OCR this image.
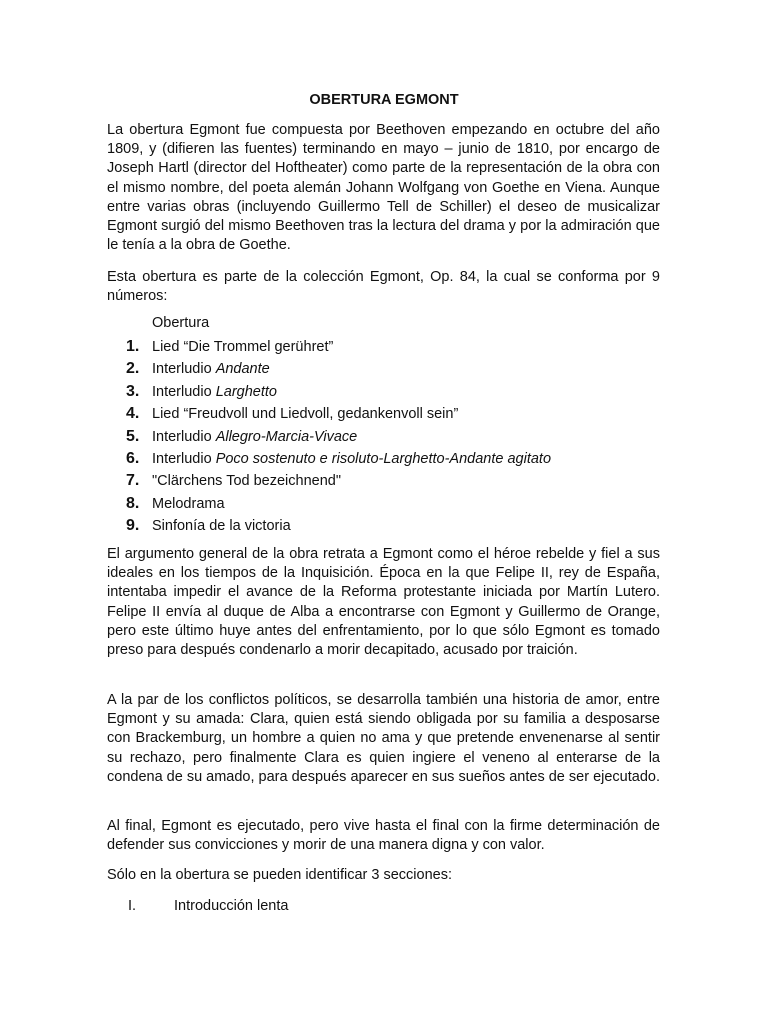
OBERTURA EGMONT

La obertura Egmont fue compuesta por Beethoven empezando en octubre del año 1809, y (difieren las fuentes) terminando en mayo – junio de 1810, por encargo de Joseph Hartl (director del Hoftheater) como parte de la representación de la obra con el mismo nombre, del poeta alemán Johann Wolfgang von Goethe en Viena. Aunque entre varias obras (incluyendo Guillermo Tell de Schiller) el deseo de musicalizar Egmont surgió del mismo Beethoven tras la lectura del drama y por la admiración que le tenía a la obra de Goethe.

Esta obertura es parte de la colección Egmont, Op. 84, la cual se conforma por 9 números:

Obertura
1. Lied “Die Trommel gerühret”
2. Interludio Andante
3. Interludio Larghetto
4. Lied “Freudvoll und Liedvoll, gedankenvoll sein”
5. Interludio Allegro-Marcia-Vivace
6. Interludio Poco sostenuto e risoluto-Larghetto-Andante agitato
7. "Clärchens Tod bezeichnend"
8. Melodrama
9.Sinfonía de la victoria

El argumento general de la obra retrata a Egmont como el héroe rebelde y fiel a sus ideales en los tiempos de la Inquisición. Época en la que Felipe II, rey de España, intentaba impedir el avance de la Reforma protestante iniciada por Martín Lutero. Felipe II envía al duque de Alba a encontrarse con Egmont y Guillermo de Orange, pero este último huye antes del enfrentamiento, por lo que sólo Egmont es tomado preso para después condenarlo a morir decapitado, acusado por traición.

A la par de los conflictos políticos, se desarrolla también una historia de amor, entre Egmont y su amada: Clara, quien está siendo obligada por su familia a desposarse con Brackemburg, un hombre a quien no ama y que pretende envenenarse al sentir su rechazo, pero finalmente Clara es quien ingiere el veneno al enterarse de la condena de su amado, para después aparecer en sus sueños antes de ser ejecutado.

Al final, Egmont es ejecutado, pero vive hasta el final con la firme determinación de defender sus convicciones y morir de una manera digna y con valor.

Sólo en la obertura se pueden identificar 3 secciones:

I.	Introducción lenta
